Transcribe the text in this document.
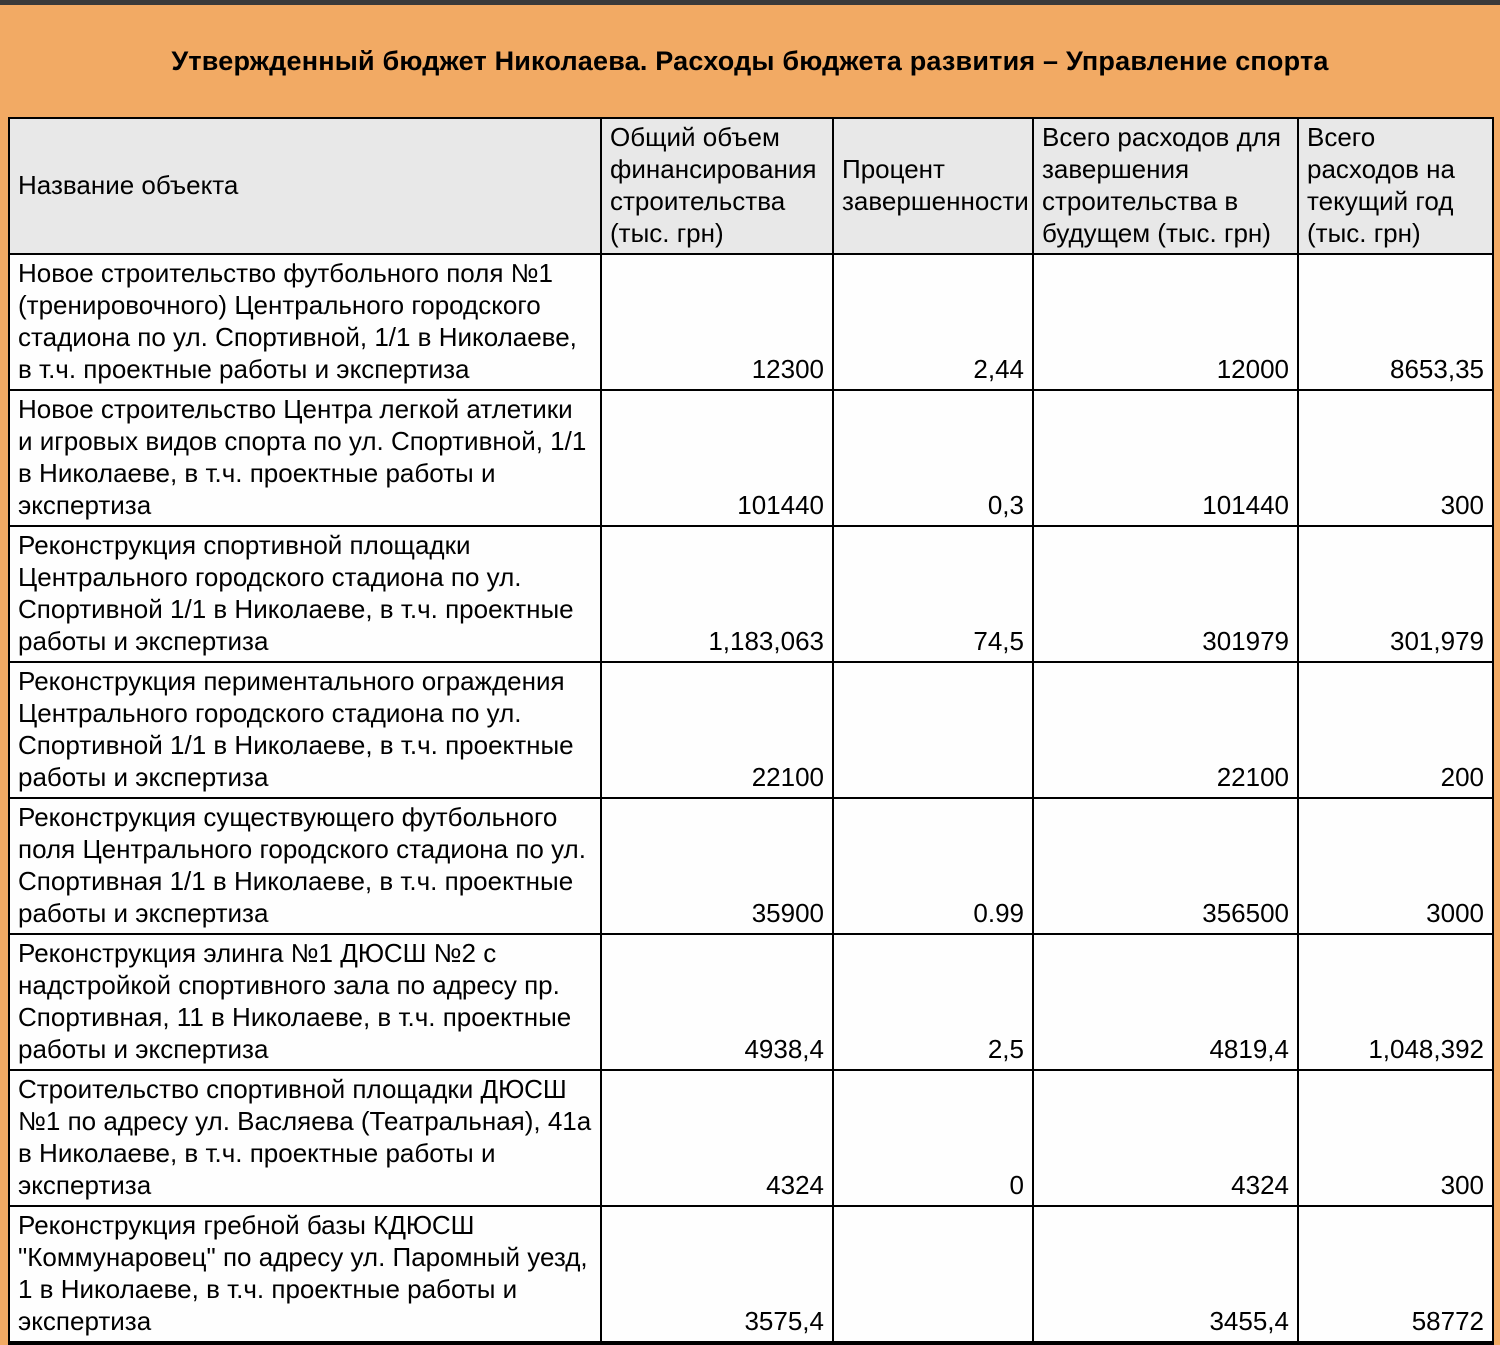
Утвержденный бюджет Николаева. Расходы бюджета развития – Управление спорта
Название объекта	Общий объем финансирования строительства (тыс. грн)	Процент завершенности	Всего расходов для завершения строительства в будущем (тыс. грн)	Всего расходов на текущий год (тыс. грн)
Новое строительство футбольного поля №1 (тренировочного) Центрального городского стадиона по ул. Спортивной, 1/1 в Николаеве, в т.ч. проектные работы и экспертиза	12300	2,44	12000	8653,35
Новое строительство Центра легкой атлетики и игровых видов спорта по ул. Спортивной, 1/1 в Николаеве, в т.ч. проектные работы и экспертиза	101440	0,3	101440	300
Реконструкция спортивной площадки Центрального городского стадиона по ул. Спортивной 1/1 в Николаеве, в т.ч. проектные работы и экспертиза	1,183,063	74,5	301979	301,979
Реконструкция периментального ограждения Центрального городского стадиона по ул. Спортивной 1/1 в Николаеве, в т.ч. проектные работы и экспертиза	22100		22100	200
Реконструкция существующего футбольного поля Центрального городского стадиона по ул. Спортивная 1/1 в Николаеве, в т.ч. проектные работы и экспертиза	35900	0.99	356500	3000
Реконструкция элинга №1 ДЮСШ №2 с надстройкой спортивного зала по адресу пр. Спортивная, 11 в Николаеве, в т.ч. проектные работы и экспертиза	4938,4	2,5	4819,4	1,048,392
Строительство спортивной площадки ДЮСШ №1 по адресу ул. Васляева (Театральная), 41а в Николаеве, в т.ч. проектные работы и экспертиза	4324	0	4324	300
Реконструкция гребной базы КДЮСШ "Коммунаровец" по адресу ул. Паромный уезд, 1 в Николаеве, в т.ч. проектные работы и экспертиза	3575,4		3455,4	58772
